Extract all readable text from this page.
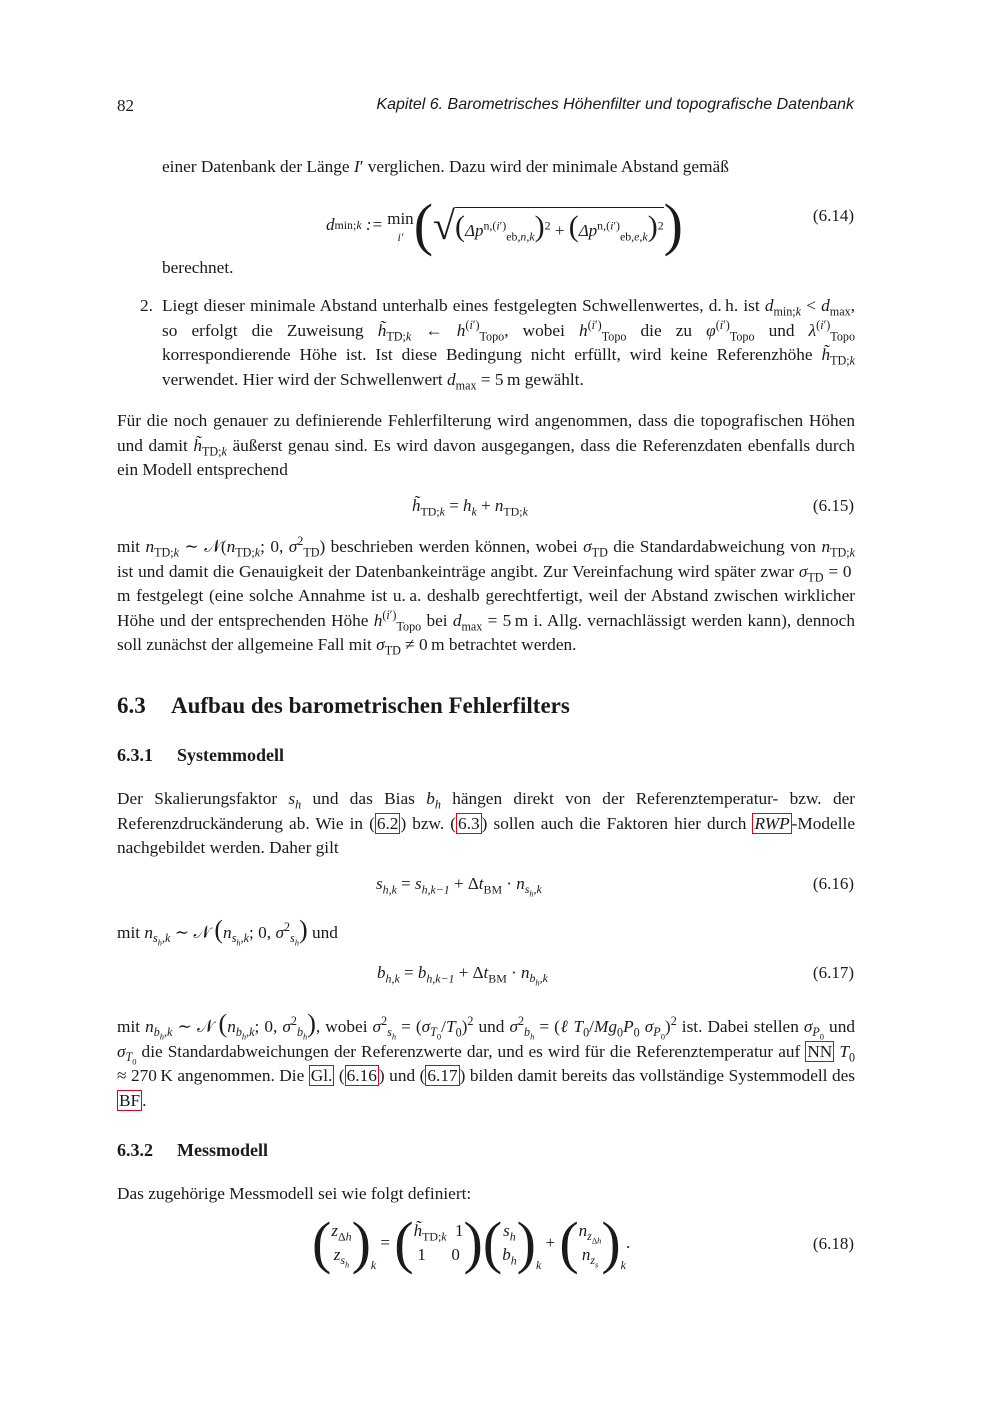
82	Kapitel 6. Barometrisches Höhenfilter und topografische Datenbank

einer Datenbank der Länge I′ verglichen. Dazu wird der minimale Abstand gemäß

d min; k := min
i′ ( √ $(\Delta p^{n,(i')}_{eb,n,k})^2 + (\Delta p^{n,(i')}_{eb,e,k})^2$ )	(6.14)

berechnet.

2. Liegt dieser minimale Abstand unterhalb eines festgelegten Schwellenwertes, d. h. ist $d_{min;k} < d_{max}$, so erfolgt die Zuweisung $h̃_{TD;k}$ ← $h^{(i')}_{Topo}$, wobei $h^{(i')}_{Topo}$ die zu $\varphi^{(i')}_{Topo}$ und $\lambda^{(i')}_{Topo}$ korrespondierende Höhe ist. Ist diese Bedingung nicht erfüllt, wird keine Referenzhöhe $h̃_{TD;k}$ verwendet. Hier wird der Schwellenwert $d_{max} = 5$ m gewählt.

Für die noch genauer zu definierende Fehlerfilterung wird angenommen, dass die topografischen Höhen und damit $h̃_{TD;k}$ äußerst genau sind. Es wird davon ausgegangen, dass die Referenzdaten ebenfalls durch ein Modell entsprechend

$h̃_{TD;k} = h_k + n_{TD;k}$	(6.15)

mit $n_{TD;k}$ ∼ $𝒩(n_{TD;k}$; 0, $\sigma^2_{TD}$) beschrieben werden können, wobei $\sigma_{TD}$ die Standardabweichung von $n_{TD;k}$ ist und damit die Genauigkeit der Datenbankeinträge angibt. Zur Vereinfachung wird später zwar $\sigma_{TD} = 0$ m festgelegt (eine solche Annahme ist u. a. deshalb gerechtfertigt, weil der Abstand zwischen wirklicher Höhe und der entsprechenden Höhe $h^{(i')}_{Topo}$ bei $d_{max} = 5$ m i. Allg. vernachlässigt werden kann), dennoch soll zunächst der allgemeine Fall mit $\sigma_{TD} \ne 0$ m betrachtet werden.

6.3 Aufbau des barometrischen Fehlerfilters
6.3.1 Systemmodell

Der Skalierungsfaktor $s_h$ und das Bias $b_h$ hängen direkt von der Referenztemperatur- bzw. der Referenzdruckänderung ab. Wie in ( 6.2 ) bzw. ( 6.3 ) sollen auch die Faktoren hier durch RWP -Modelle nachgebildet werden. Daher gilt

$s_{h,k} = s_{h,k-1} + \Delta t_{BM} \cdot n_{s_h,k}$	(6.16)

mit $n_{s_h,k}$ ∼ 𝒩 ($n_{s_h,k}$; 0, $\sigma^2_{s_h}$) und

$b_{h,k} = b_{h,k-1} + \Delta t_{BM} \cdot n_{b_h,k}$	(6.17)

mit $n_{b_h,k}$ ∼ 𝒩 ($n_{b_h,k}$; 0, $\sigma^2_{b_h}$), wobei $\sigma^2_{s_h} = (\sigma_{T_0}/T_0)^2$ und $\sigma^2_{b_h}$ = (ℓ $T_0/Mg_0P_0$ $\sigma_{P_0})^2$ ist. Dabei stellen $\sigma_{P_0}$ und $\sigma_{T_0}$ die Standardabweichungen der Referenzwerte dar, und es wird für die Referenztemperatur auf NN $T_0 \approx 270$ K angenommen. Die Gl. ( 6.16 ) und ( 6.17 ) bilden damit bereits das vollständige Systemmodell des BF .

6.3.2 Messmodell

Das zugehörige Messmodell sei wie folgt definiert:

( $z_{\Delta h}$
$z_{s_h}$ ) $_k$

=
( $h̃_{TD;k}$ 1
1      0 ) ( $s_h$
$b_h$ ) $_k$

+
( $n_{z_{\Delta h}}$
$n_{z_s}$ ) $_k$
.	(6.18)
